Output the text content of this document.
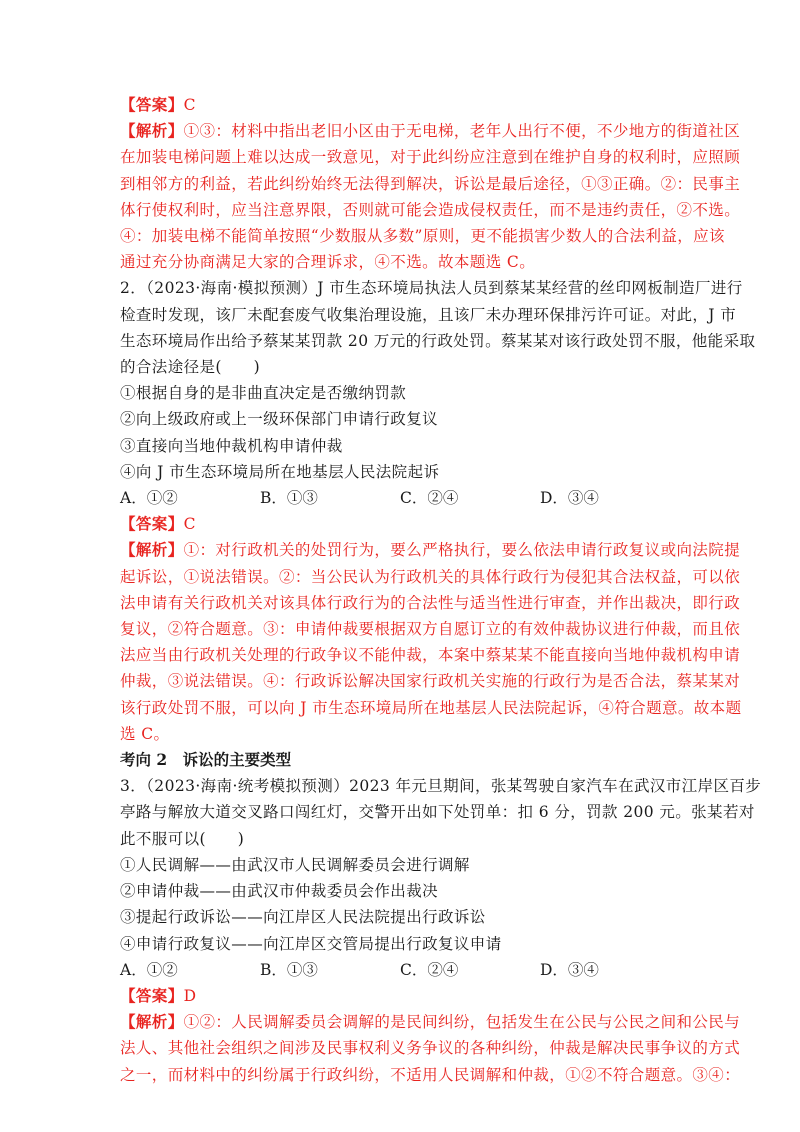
【答案】C
【解析】①③：材料中指出老旧小区由于无电梯，老年人出行不便，不少地方的街道社区
在加装电梯问题上难以达成一致意见，对于此纠纷应注意到在维护自身的权利时，应照顾
到相邻方的利益，若此纠纷始终无法得到解决，诉讼是最后途径，①③正确。②：民事主
体行使权利时，应当注意界限，否则就可能会造成侵权责任，而不是违约责任，②不选。
④：加装电梯不能简单按照“少数服从多数”原则，更不能损害少数人的合法利益，应该
通过充分协商满足大家的合理诉求，④不选。故本题选 C。
2．（2023·海南·模拟预测）J 市生态环境局执法人员到蔡某某经营的丝印网板制造厂进行
检查时发现，该厂未配套废气收集治理设施，且该厂未办理环保排污许可证。对此，J 市
生态环境局作出给予蔡某某罚款 20 万元的行政处罚。蔡某某对该行政处罚不服，他能采取
的合法途径是(　　)
①根据自身的是非曲直决定是否缴纳罚款
②向上级政府或上一级环保部门申请行政复议
③直接向当地仲裁机构申请仲裁
④向 J 市生态环境局所在地基层人民法院起诉
A．①②	B．①③	C．②④	D．③④
【答案】C
【解析】①：对行政机关的处罚行为，要么严格执行，要么依法申请行政复议或向法院提
起诉讼，①说法错误。②：当公民认为行政机关的具体行政行为侵犯其合法权益，可以依
法申请有关行政机关对该具体行政行为的合法性与适当性进行审查，并作出裁决，即行政
复议，②符合题意。③：申请仲裁要根据双方自愿订立的有效仲裁协议进行仲裁，而且依
法应当由行政机关处理的行政争议不能仲裁，本案中蔡某某不能直接向当地仲裁机构申请
仲裁，③说法错误。④：行政诉讼解决国家行政机关实施的行政行为是否合法，蔡某某对
该行政处罚不服，可以向 J 市生态环境局所在地基层人民法院起诉，④符合题意。故本题
选 C。
考向 2　诉讼的主要类型
3．（2023·海南·统考模拟预测）2023 年元旦期间，张某驾驶自家汽车在武汉市江岸区百步
亭路与解放大道交叉路口闯红灯，交警开出如下处罚单：扣 6 分，罚款 200 元。张某若对
此不服可以(　　)
①人民调解——由武汉市人民调解委员会进行调解
②申请仲裁——由武汉市仲裁委员会作出裁决
③提起行政诉讼——向江岸区人民法院提出行政诉讼
④申请行政复议——向江岸区交管局提出行政复议申请
A．①②	B．①③	C．②④	D．③④
【答案】D
【解析】①②：人民调解委员会调解的是民间纠纷，包括发生在公民与公民之间和公民与
法人、其他社会组织之间涉及民事权利义务争议的各种纠纷，仲裁是解决民事争议的方式
之一，而材料中的纠纷属于行政纠纷，不适用人民调解和仲裁，①②不符合题意。③④：
